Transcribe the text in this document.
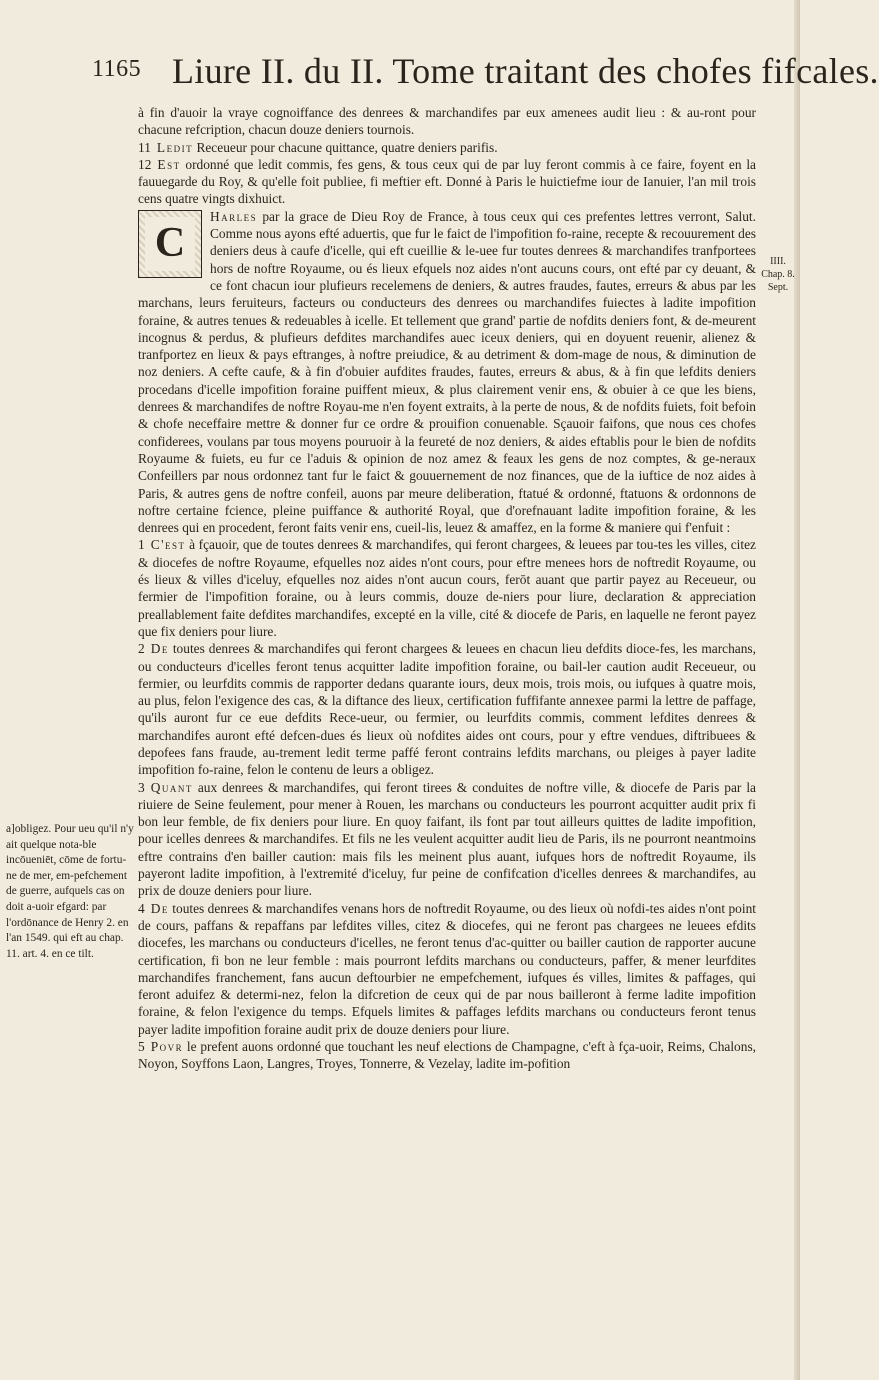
1165 Liure II. du II. Tome traitant des chofes fifcales.
IIII. Chap. 8. Sept.
a]obligez. Pour ueu qu'il n'y ait quelque nota-ble incōueniēt, cōme de fortu-ne de mer, em-pefchement de guerre, aufquels cas on doit a-uoir efgard: par l'ordōnance de Henry 2. en l'an 1549. qui eft au chap. 11. art. 4. en ce tilt.

à fin d'auoir la vraye cognoiffance des denrees & marchandifes par eux amenees audit lieu : & au-ront pour chacune refcription, chacun douze deniers tournois.

11 Ledit Receueur pour chacune quittance, quatre deniers parifis.

12 Est ordonné que ledit commis, fes gens, & tous ceux qui de par luy feront commis à ce faire, foyent en la fauuegarde du Roy, & qu'elle foit publiee, fi meftier eft. Donné à Paris le huictiefme iour de Ianuier, l'an mil trois cens quatre vingts dixhuict.

C
Harles par la grace de Dieu Roy de France, à tous ceux qui ces prefentes lettres verront, Salut. Comme nous ayons efté aduertis, que fur le faict de l'impofition fo-raine, recepte & recouurement des deniers deus à caufe d'icelle, qui eft cueillie & le-uee fur toutes denrees & marchandifes tranfportees hors de noftre Royaume, ou és lieux efquels noz aides n'ont aucuns cours, ont efté par cy deuant, & ce font chacun iour plufieurs recelemens de deniers, & autres fraudes, fautes, erreurs & abus par les marchans, leurs feruiteurs, facteurs ou conducteurs des denrees ou marchandifes fuiectes à ladite impofition foraine, & autres tenues & redeuables à icelle. Et tellement que grand' partie de nofdits deniers font, & de-meurent incognus & perdus, & plufieurs defdites marchandifes auec iceux deniers, qui en doyuent reuenir, alienez & tranfportez en lieux & pays eftranges, à noftre preiudice, & au detriment & dom-mage de nous, & diminution de noz deniers. A cefte caufe, & à fin d'obuier aufdites fraudes, fautes, erreurs & abus, & à fin que lefdits deniers procedans d'icelle impofition foraine puiffent mieux, & plus clairement venir ens, & obuier à ce que les biens, denrees & marchandifes de noftre Royau-me n'en foyent extraits, à la perte de nous, & de nofdits fuiets, foit befoin & chofe neceffaire mettre & donner fur ce ordre & prouifion conuenable. Sçauoir faifons, que nous ces chofes confiderees, voulans par tous moyens pouruoir à la feureté de noz deniers, & aides eftablis pour le bien de nofdits Royaume & fuiets, eu fur ce l'aduis & opinion de noz amez & feaux les gens de noz comptes, & ge-neraux Confeillers par nous ordonnez tant fur le faict & gouuernement de noz finances, que de la iuftice de noz aides à Paris, & autres gens de noftre confeil, auons par meure deliberation, ftatué & ordonné, ftatuons & ordonnons de noftre certaine fcience, pleine puiffance & authorité Royal, que d'orefnauant ladite impofition foraine, & les denrees qui en procedent, feront faits venir ens, cueil-lis, leuez & amaffez, en la forme & maniere qui f'enfuit :

1 C'est à fçauoir, que de toutes denrees & marchandifes, qui feront chargees, & leuees par tou-tes les villes, citez & diocefes de noftre Royaume, efquelles noz aides n'ont cours, pour eftre menees hors de noftredit Royaume, ou és lieux & villes d'iceluy, efquelles noz aides n'ont aucun cours, ferōt auant que partir payez au Receueur, ou fermier de l'impofition foraine, ou à leurs commis, douze de-niers pour liure, declaration & appreciation preallablement faite defdites marchandifes, excepté en la ville, cité & diocefe de Paris, en laquelle ne feront payez que fix deniers pour liure.

2 De toutes denrees & marchandifes qui feront chargees & leuees en chacun lieu defdits dioce-fes, les marchans, ou conducteurs d'icelles feront tenus acquitter ladite impofition foraine, ou bail-ler caution audit Receueur, ou fermier, ou leurfdits commis de rapporter dedans quarante iours, deux mois, trois mois, ou iufques à quatre mois, au plus, felon l'exigence des cas, & la diftance des lieux, certification fuffifante annexee parmi la lettre de paffage, qu'ils auront fur ce eue defdits Rece-ueur, ou fermier, ou leurfdits commis, comment lefdites denrees & marchandifes auront efté defcen-dues és lieux où nofdites aides ont cours, pour y eftre vendues, diftribuees & depofees fans fraude, au-trement ledit terme paffé feront contrains lefdits marchans, ou pleiges à payer ladite impofition fo-raine, felon le contenu de leurs a obligez.

3 Quant aux denrees & marchandifes, qui feront tirees & conduites de noftre ville, & diocefe de Paris par la riuiere de Seine feulement, pour mener à Rouen, les marchans ou conducteurs les pourront acquitter audit prix fi bon leur femble, de fix deniers pour liure. En quoy faifant, ils font par tout ailleurs quittes de ladite impofition, pour icelles denrees & marchandifes. Et fils ne les veulent acquitter audit lieu de Paris, ils ne pourront neantmoins eftre contrains d'en bailler caution: mais fils les meinent plus auant, iufques hors de noftredit Royaume, ils payeront ladite impofition, à l'extremité d'iceluy, fur peine de confifcation d'icelles denrees & marchandifes, au prix de douze deniers pour liure.

4 De toutes denrees & marchandifes venans hors de noftredit Royaume, ou des lieux où nofdi-tes aides n'ont point de cours, paffans & repaffans par lefdites villes, citez & diocefes, qui ne feront pas chargees ne leuees efdits diocefes, les marchans ou conducteurs d'icelles, ne feront tenus d'ac-quitter ou bailler caution de rapporter aucune certification, fi bon ne leur femble : mais pourront lefdits marchans ou conducteurs, paffer, & mener leurfdites marchandifes franchement, fans aucun deftourbier ne empefchement, iufques és villes, limites & paffages, qui feront aduifez & determi-nez, felon la difcretion de ceux qui de par nous bailleront à ferme ladite impofition foraine, & felon l'exigence du temps. Efquels limites & paffages lefdits marchans ou conducteurs feront tenus payer ladite impofition foraine audit prix de douze deniers pour liure.

5 Povr le prefent auons ordonné que touchant les neuf elections de Champagne, c'eft à fça-uoir, Reims, Chalons, Noyon, Soyffons Laon, Langres, Troyes, Tonnerre, & Vezelay, ladite im-pofition
